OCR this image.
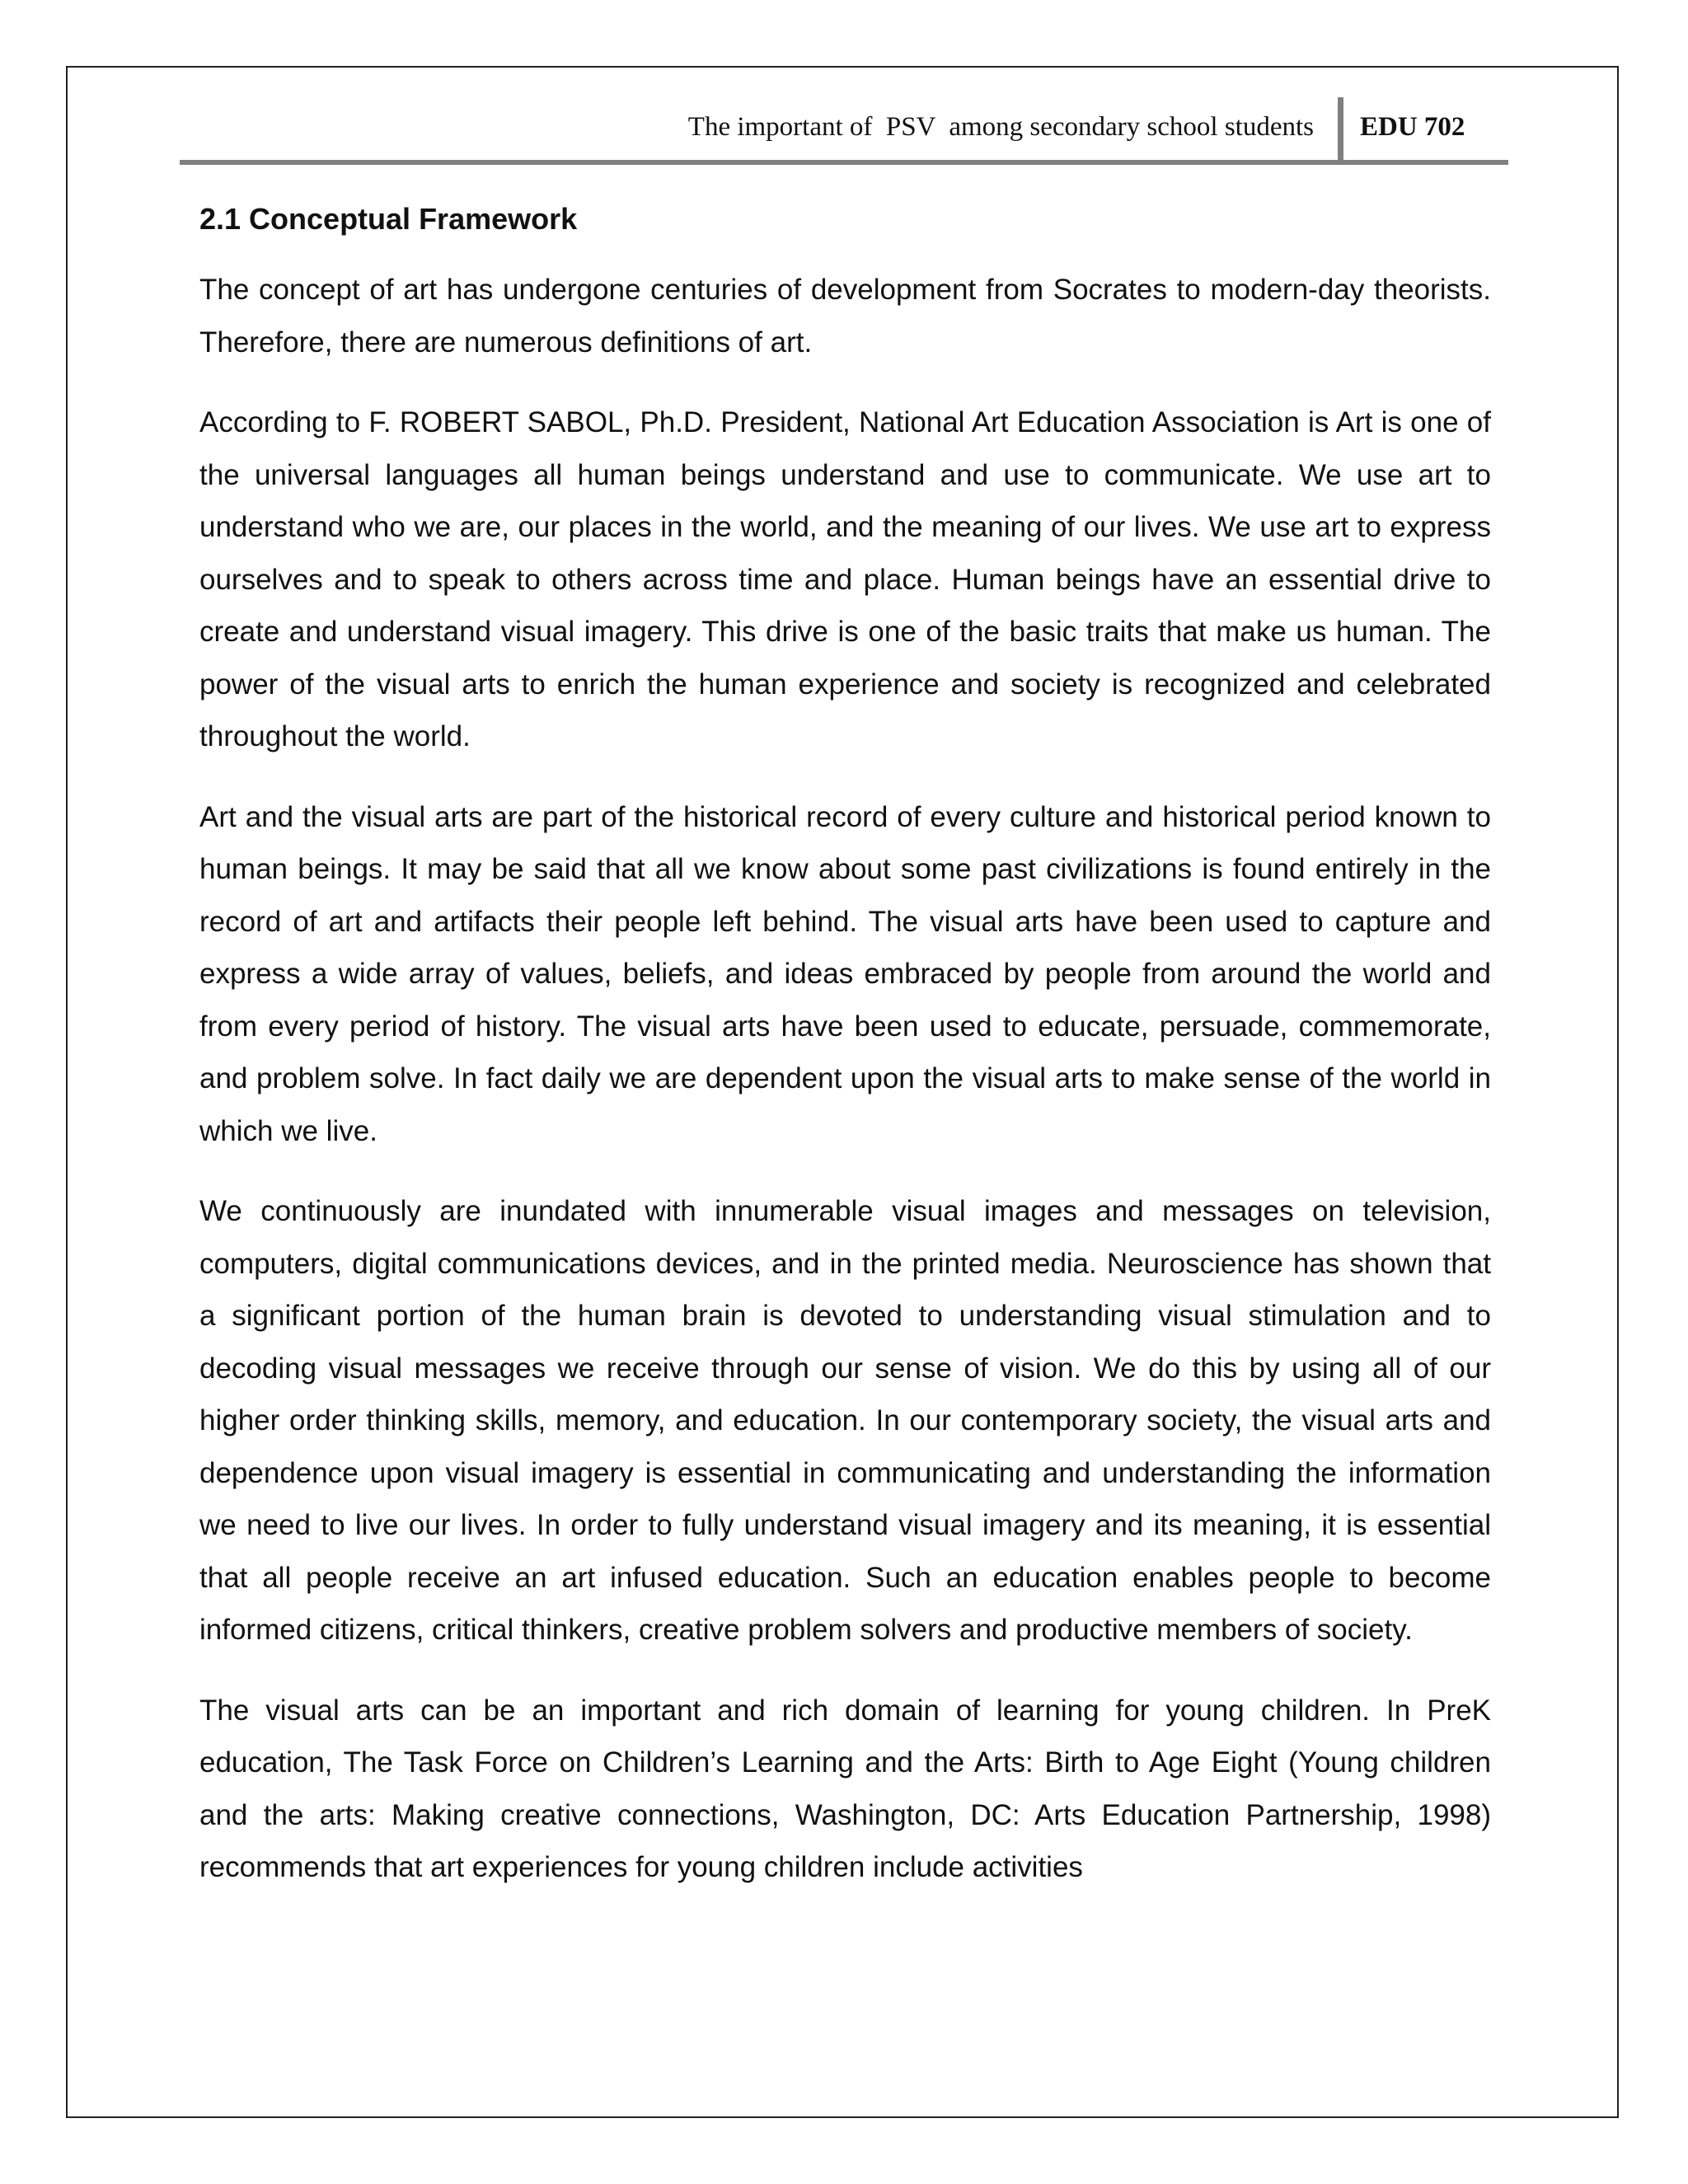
The important of  PSV  among secondary school students EDU 702
2.1 Conceptual Framework

The concept of art has undergone centuries of development from Socrates to modern-day theorists. Therefore, there are numerous definitions of art.

According to F. ROBERT SABOL, Ph.D. President, National Art Education Association is Art is one of the universal languages all human beings understand and use to communicate. We use art to understand who we are, our places in the world, and the meaning of our lives. We use art to express ourselves and to speak to others across time and place. Human beings have an essential drive to create and understand visual imagery. This drive is one of the basic traits that make us human. The power of the visual arts to enrich the human experience and society is recognized and celebrated throughout the world.

Art and the visual arts are part of the historical record of every culture and historical period known to human beings. It may be said that all we know about some past civilizations is found entirely in the record of art and artifacts their people left behind. The visual arts have been used to capture and express a wide array of values, beliefs, and ideas embraced by people from around the world and from every period of history. The visual arts have been used to educate, persuade, commemorate, and problem solve. In fact daily we are dependent upon the visual arts to make sense of the world in which we live.

We continuously are inundated with innumerable visual images and messages on television, computers, digital communications devices, and in the printed media. Neuroscience has shown that a significant portion of the human brain is devoted to understanding visual stimulation and to decoding visual messages we receive through our sense of vision. We do this by using all of our higher order thinking skills, memory, and education. In our contemporary society, the visual arts and dependence upon visual imagery is essential in communicating and understanding the information we need to live our lives. In order to fully understand visual imagery and its meaning, it is essential that all people receive an art infused education. Such an education enables people to become informed citizens, critical thinkers, creative problem solvers and productive members of society.

The visual arts can be an important and rich domain of learning for young children. In PreK education, The Task Force on Children’s Learning and the Arts: Birth to Age Eight (Young children and the arts: Making creative connections, Washington, DC: Arts Education Partnership, 1998) recommends that art experiences for young children include activities
